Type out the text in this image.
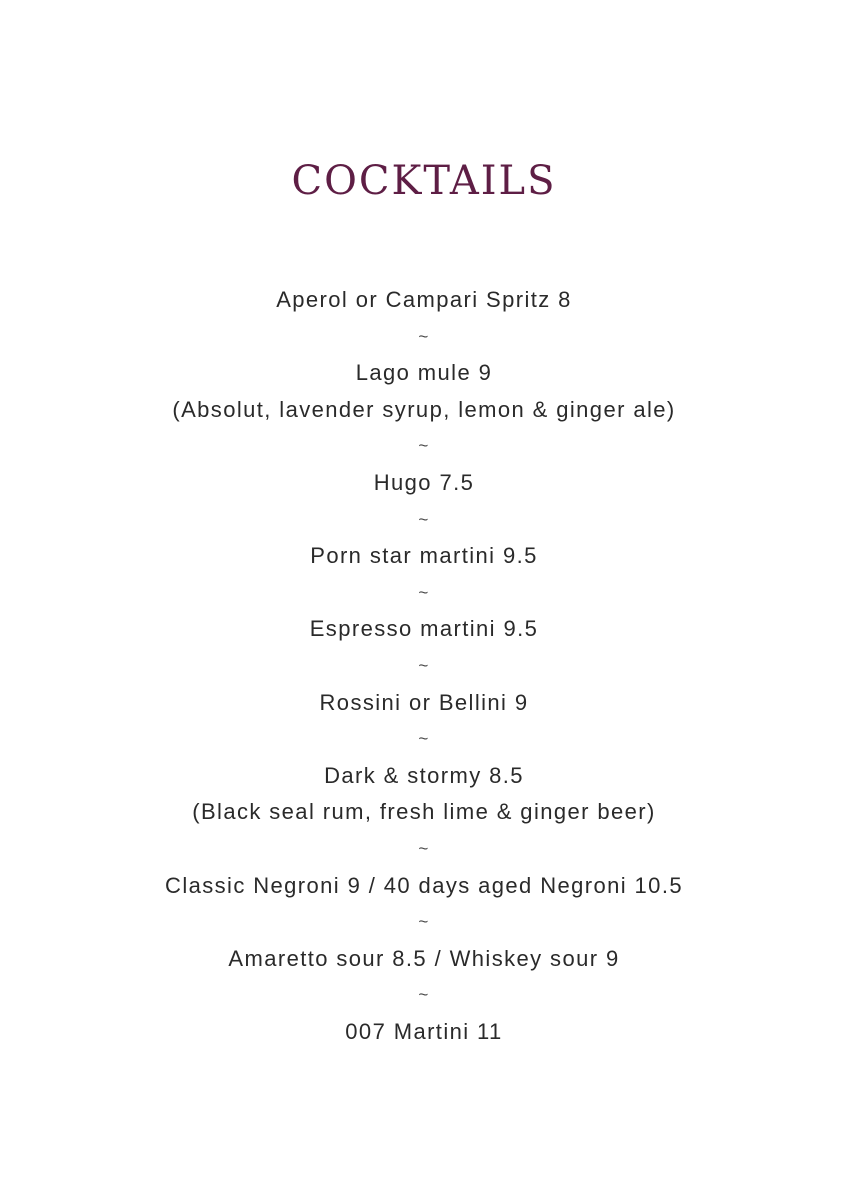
COCKTAILS
Aperol or Campari Spritz 8
~
Lago mule 9
(Absolut, lavender syrup, lemon & ginger ale)
~
Hugo 7.5
~
Porn star martini 9.5
~
Espresso martini 9.5
~
Rossini or Bellini 9
~
Dark & stormy 8.5
(Black seal rum, fresh lime & ginger beer)
~
Classic Negroni 9 / 40 days aged Negroni 10.5
~
Amaretto sour 8.5 / Whiskey sour 9
~
007 Martini 11
